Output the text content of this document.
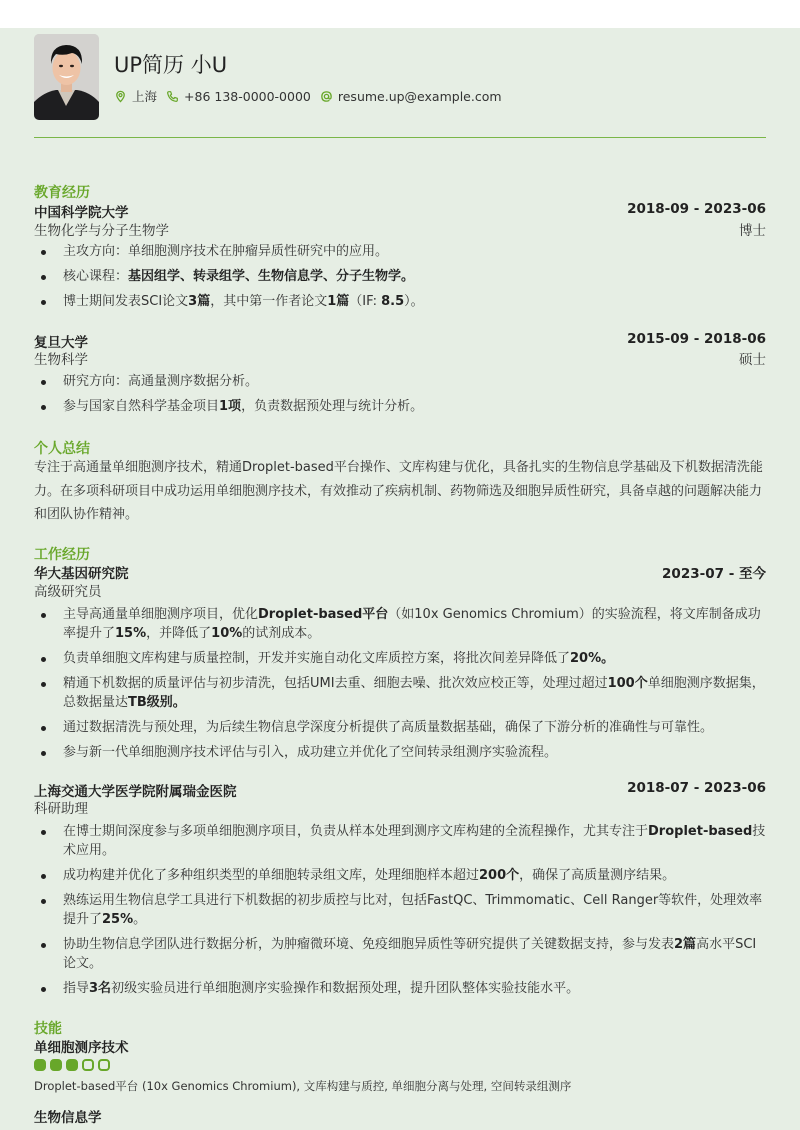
UP简历 小U
上海 +86 138-0000-0000 resume.up@example.com
教育经历
中国科学院大学	2018-09 - 2023-06
生物化学与分子生物学	博士
主攻方向：单细胞测序技术在肿瘤异质性研究中的应用。
核心课程：基因组学、转录组学、生物信息学、分子生物学。
博士期间发表SCI论文3篇，其中第一作者论文1篇（IF: 8.5）。
复旦大学	2015-09 - 2018-06
生物科学	硕士
研究方向：高通量测序数据分析。
参与国家自然科学基金项目1项，负责数据预处理与统计分析。
个人总结
专注于高通量单细胞测序技术，精通Droplet-based平台操作、文库构建与优化，具备扎实的生物信息学基础及下机数据清洗能力。在多项科研项目中成功运用单细胞测序技术，有效推动了疾病机制、药物筛选及细胞异质性研究，具备卓越的问题解决能力和团队协作精神。
工作经历
华大基因研究院	2023-07 - 至今
高级研究员
主导高通量单细胞测序项目，优化Droplet-based平台（如10x Genomics Chromium）的实验流程，将文库制备成功率提升了15%，并降低了10%的试剂成本。
负责单细胞文库构建与质量控制，开发并实施自动化文库质控方案，将批次间差异降低了20%。
精通下机数据的质量评估与初步清洗，包括UMI去重、细胞去噪、批次效应校正等，处理过超过100个单细胞测序数据集，总数据量达TB级别。
通过数据清洗与预处理，为后续生物信息学深度分析提供了高质量数据基础，确保了下游分析的准确性与可靠性。
参与新一代单细胞测序技术评估与引入，成功建立并优化了空间转录组测序实验流程。
上海交通大学医学院附属瑞金医院	2018-07 - 2023-06
科研助理
在博士期间深度参与多项单细胞测序项目，负责从样本处理到测序文库构建的全流程操作，尤其专注于Droplet-based技术应用。
成功构建并优化了多种组织类型的单细胞转录组文库，处理细胞样本超过200个，确保了高质量测序结果。
熟练运用生物信息学工具进行下机数据的初步质控与比对，包括FastQC、Trimmomatic、Cell Ranger等软件，处理效率提升了25%。
协助生物信息学团队进行数据分析，为肿瘤微环境、免疫细胞异质性等研究提供了关键数据支持，参与发表2篇高水平SCI论文。
指导3名初级实验员进行单细胞测序实验操作和数据预处理，提升团队整体实验技能水平。
技能
单细胞测序技术
Droplet-based平台 (10x Genomics Chromium), 文库构建与质控, 单细胞分离与处理, 空间转录组测序
生物信息学
